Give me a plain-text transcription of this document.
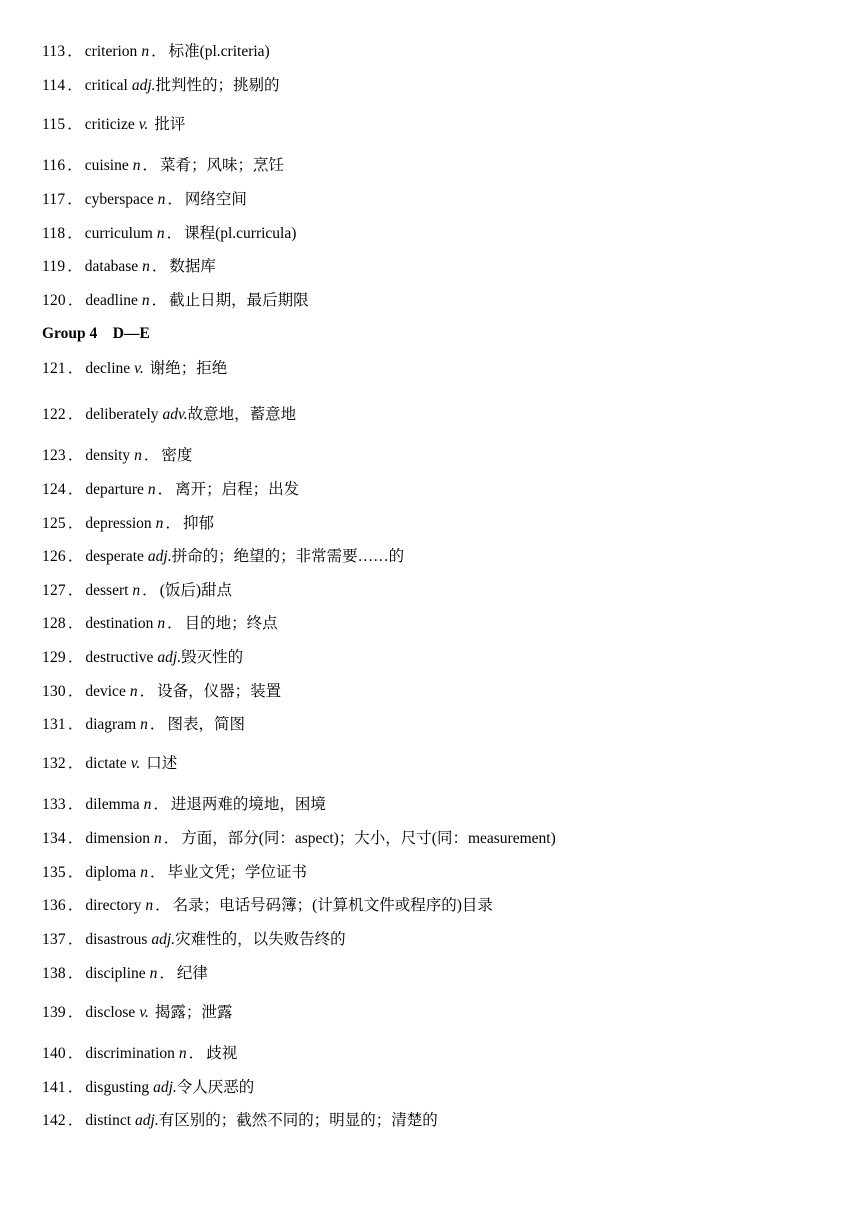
113 ． criterion n ． 标准(pl.criteria)
114 ． critical adj.批判性的；挑剔的
115 ． criticize v. 批评
116 ． cuisine n ． 菜肴；风味；烹饪
117 ． cyberspace n ． 网络空间
118 ． curriculum n ． 课程(pl.curricula)
119 ． database n ． 数据库
120 ． deadline n ． 截止日期，最后期限
Group 4　D—E
121 ． decline v. 谢绝；拒绝
122 ． deliberately adv.故意地，蓄意地
123 ． density n ． 密度
124 ． departure n ． 离开；启程；出发
125 ． depression n ． 抑郁
126 ． desperate adj.拼命的；绝望的；非常需要……的
127 ． dessert n ． (饭后)甜点
128 ． destination n ． 目的地；终点
129 ． destructive adj.毁灭性的
130 ． device n ． 设备，仪器；装置
131 ． diagram n ． 图表，简图
132 ． dictate v. 口述
133 ． dilemma n ． 进退两难的境地，困境
134 ． dimension n ． 方面，部分(同：aspect)；大小，尺寸(同：measurement)
135 ． diploma n ． 毕业文凭；学位证书
136 ． directory n ． 名录；电话号码簿；(计算机文件或程序的)目录
137 ． disastrous adj.灾难性的，以失败告终的
138 ． discipline n ． 纪律
139 ． disclose v. 揭露；泄露
140 ． discrimination n ． 歧视
141 ． disgusting adj.令人厌恶的
142 ． distinct adj.有区别的；截然不同的；明显的；清楚的
